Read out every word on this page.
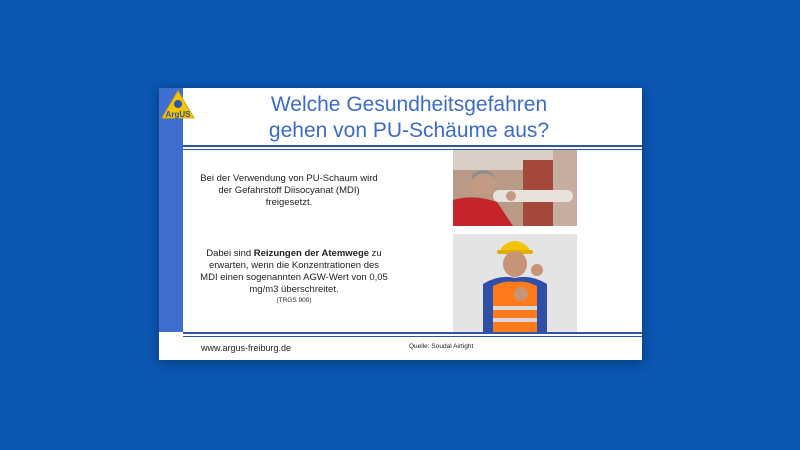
ArgUS	Welche Gesundheitsgefahren
gehen von PU-Schäume aus?
Bei der Verwendung von PU-Schaum wird der Gefahrstoff Diisocyanat (MDI) freigesetzt.
Dabei sind Reizungen der Atemwege zu erwarten, wenn die Konzentrationen des MDI einen sogenannten AGW-Wert von 0,05 mg/m3 überschreitet.
(TRGS 900)
www.argus-freiburg.de	Quelle: Soudal Airtight
